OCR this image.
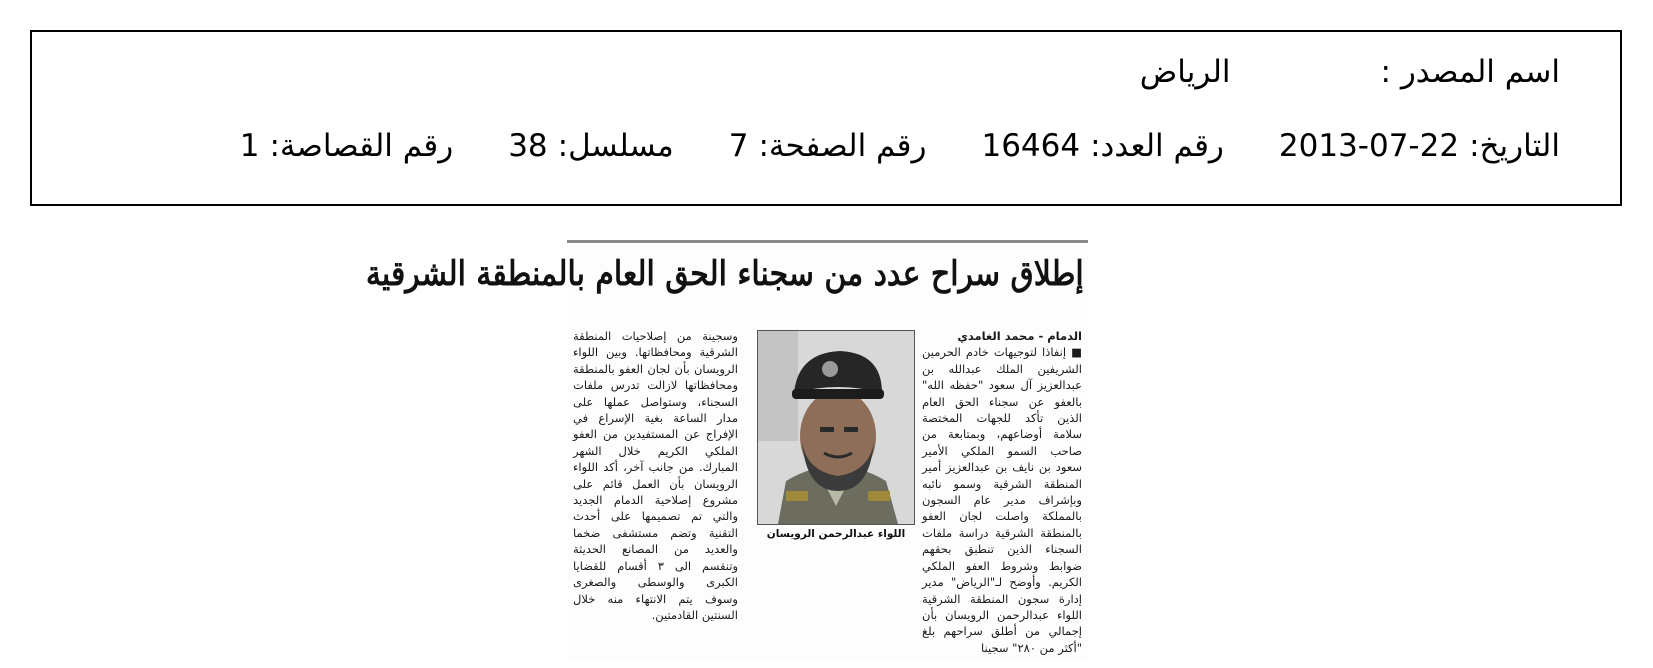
اسم المصدر :
الرياض
التاريخ:
2013-07-22
رقم العدد:
16464
رقم الصفحة:
7
مسلسل:
38
رقم القصاصة:
1
إطلاق سراح عدد من سجناء الحق العام بالمنطقة الشرقية
الدمام - محمد الغامدي
■ إنفاذا لتوجيهات خادم الحرمين الشريفين الملك عبدالله بن عبدالعزيز آل سعود "حفظه الله" بالعفو عن سجناء الحق العام الذين تأكد للجهات المختصة سلامة أوضاعهم، وبمتابعة من صاحب السمو الملكي الأمير سعود بن نايف بن عبدالعزيز أمير المنطقة الشرقية وسمو نائبه وبإشراف مدير عام السجون بالمملكة واصلت لجان العفو بالمنطقة الشرقية دراسة ملفات السجناء الذين تنطبق بحقهم ضوابط وشروط العفو الملكي الكريم. وأوضح لـ"الرياض" مدير إدارة سجون المنطقة الشرقية اللواء عبدالرحمن الرويسان بأن إجمالي من أطلق سراحهم بلغ "أكثر من ٢٨٠" سجينا
اللواء عبدالرحمن الرويسان
وسجينة من إصلاحيات المنطقة الشرقية ومحافظاتها. وبين اللواء الرويسان بأن لجان العفو بالمنطقة ومحافظاتها لازالت تدرس ملفات السجناء، وستواصل عملها على مدار الساعة بغية الإسراع في الإفراج عن المستفيدين من العفو الملكي الكريم خلال الشهر المبارك. من جانب آخر، أكد اللواء الرويسان بأن العمل قائم على مشروع إصلاحية الدمام الجديد والتي تم تصميمها على أحدث التقنية وتضم مستشفى ضخما والعديد من المصانع الحديثة وتنقسم الى ٣ أقسام للقضايا الكبرى والوسطى والصغرى وسوف يتم الانتهاء منه خلال السنتين القادمتين.
